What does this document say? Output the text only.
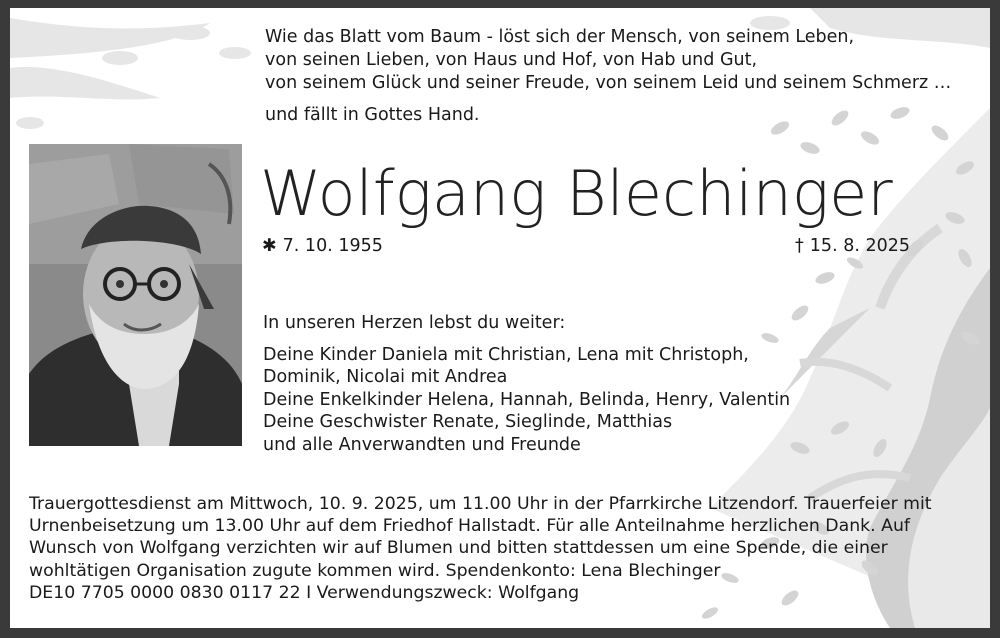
Wie das Blatt vom Baum - löst sich der Mensch, von seinem Leben,
von seinen Lieben, von Haus und Hof, von Hab und Gut,
von seinem Glück und seiner Freude, von seinem Leid und seinem Schmerz …
und fällt in Gottes Hand.
Wolfgang Blechinger
✱ 7. 10. 1955	† 15. 8. 2025
In unseren Herzen lebst du weiter:
Deine Kinder Daniela mit Christian, Lena mit Christoph,
Dominik, Nicolai mit Andrea
Deine Enkelkinder Helena, Hannah, Belinda, Henry, Valentin
Deine Geschwister Renate, Sieglinde, Matthias
und alle Anverwandten und Freunde
Trauergottesdienst am Mittwoch, 10. 9. 2025, um 11.00 Uhr in der Pfarrkirche Litzendorf. Trauerfeier mit
Urnenbeisetzung um 13.00 Uhr auf dem Friedhof Hallstadt. Für alle Anteilnahme herzlichen Dank. Auf
Wunsch von Wolfgang verzichten wir auf Blumen und bitten stattdessen um eine Spende, die einer
wohltätigen Organisation zugute kommen wird. Spendenkonto: Lena Blechinger
DE10 7705 0000 0830 0117 22 I Verwendungszweck: Wolfgang
